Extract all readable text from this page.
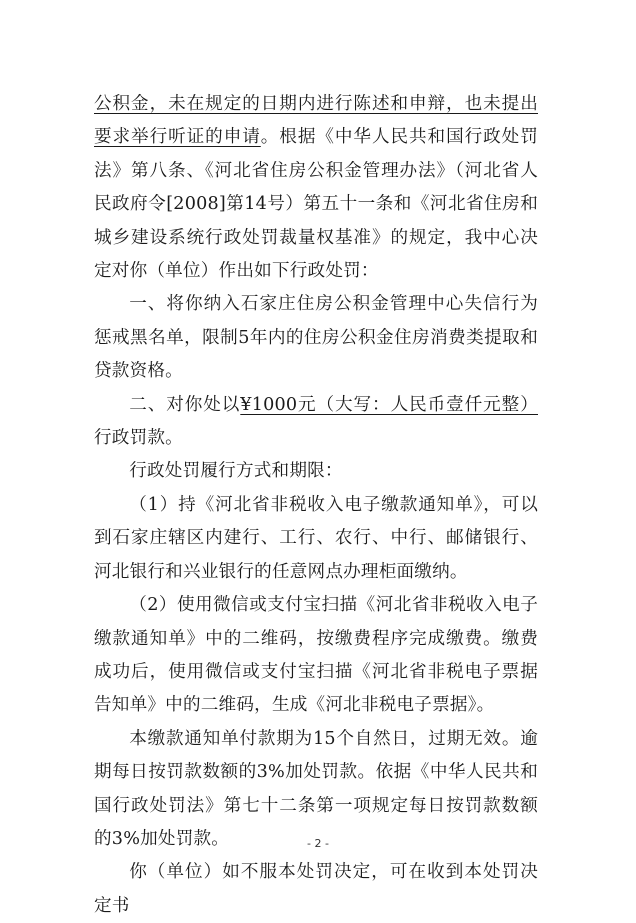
公积金，未在规定的日期内进行陈述和申辩，也未提出要求举行听证的申请。根据《中华人民共和国行政处罚法》第八条、《河北省住房公积金管理办法》（河北省人民政府令[2008]第14号）第五十一条和《河北省住房和城乡建设系统行政处罚裁量权基准》的规定，我中心决定对你（单位）作出如下行政处罚：

一、将你纳入石家庄住房公积金管理中心失信行为惩戒黑名单，限制5年内的住房公积金住房消费类提取和贷款资格。

二、对你处以¥1000元（大写：人民币壹仟元整）行政罚款。

行政处罚履行方式和期限：

（1）持《河北省非税收入电子缴款通知单》，可以到石家庄辖区内建行、工行、农行、中行、邮储银行、河北银行和兴业银行的任意网点办理柜面缴纳。

（2）使用微信或支付宝扫描《河北省非税收入电子缴款通知单》中的二维码，按缴费程序完成缴费。缴费成功后，使用微信或支付宝扫描《河北省非税电子票据告知单》中的二维码，生成《河北非税电子票据》。

本缴款通知单付款期为15个自然日，过期无效。逾期每日按罚款数额的3%加处罚款。依据《中华人民共和国行政处罚法》第七十二条第一项规定每日按罚款数额的3%加处罚款。

你（单位）如不服本处罚决定，可在收到本处罚决定书

- 2 -
